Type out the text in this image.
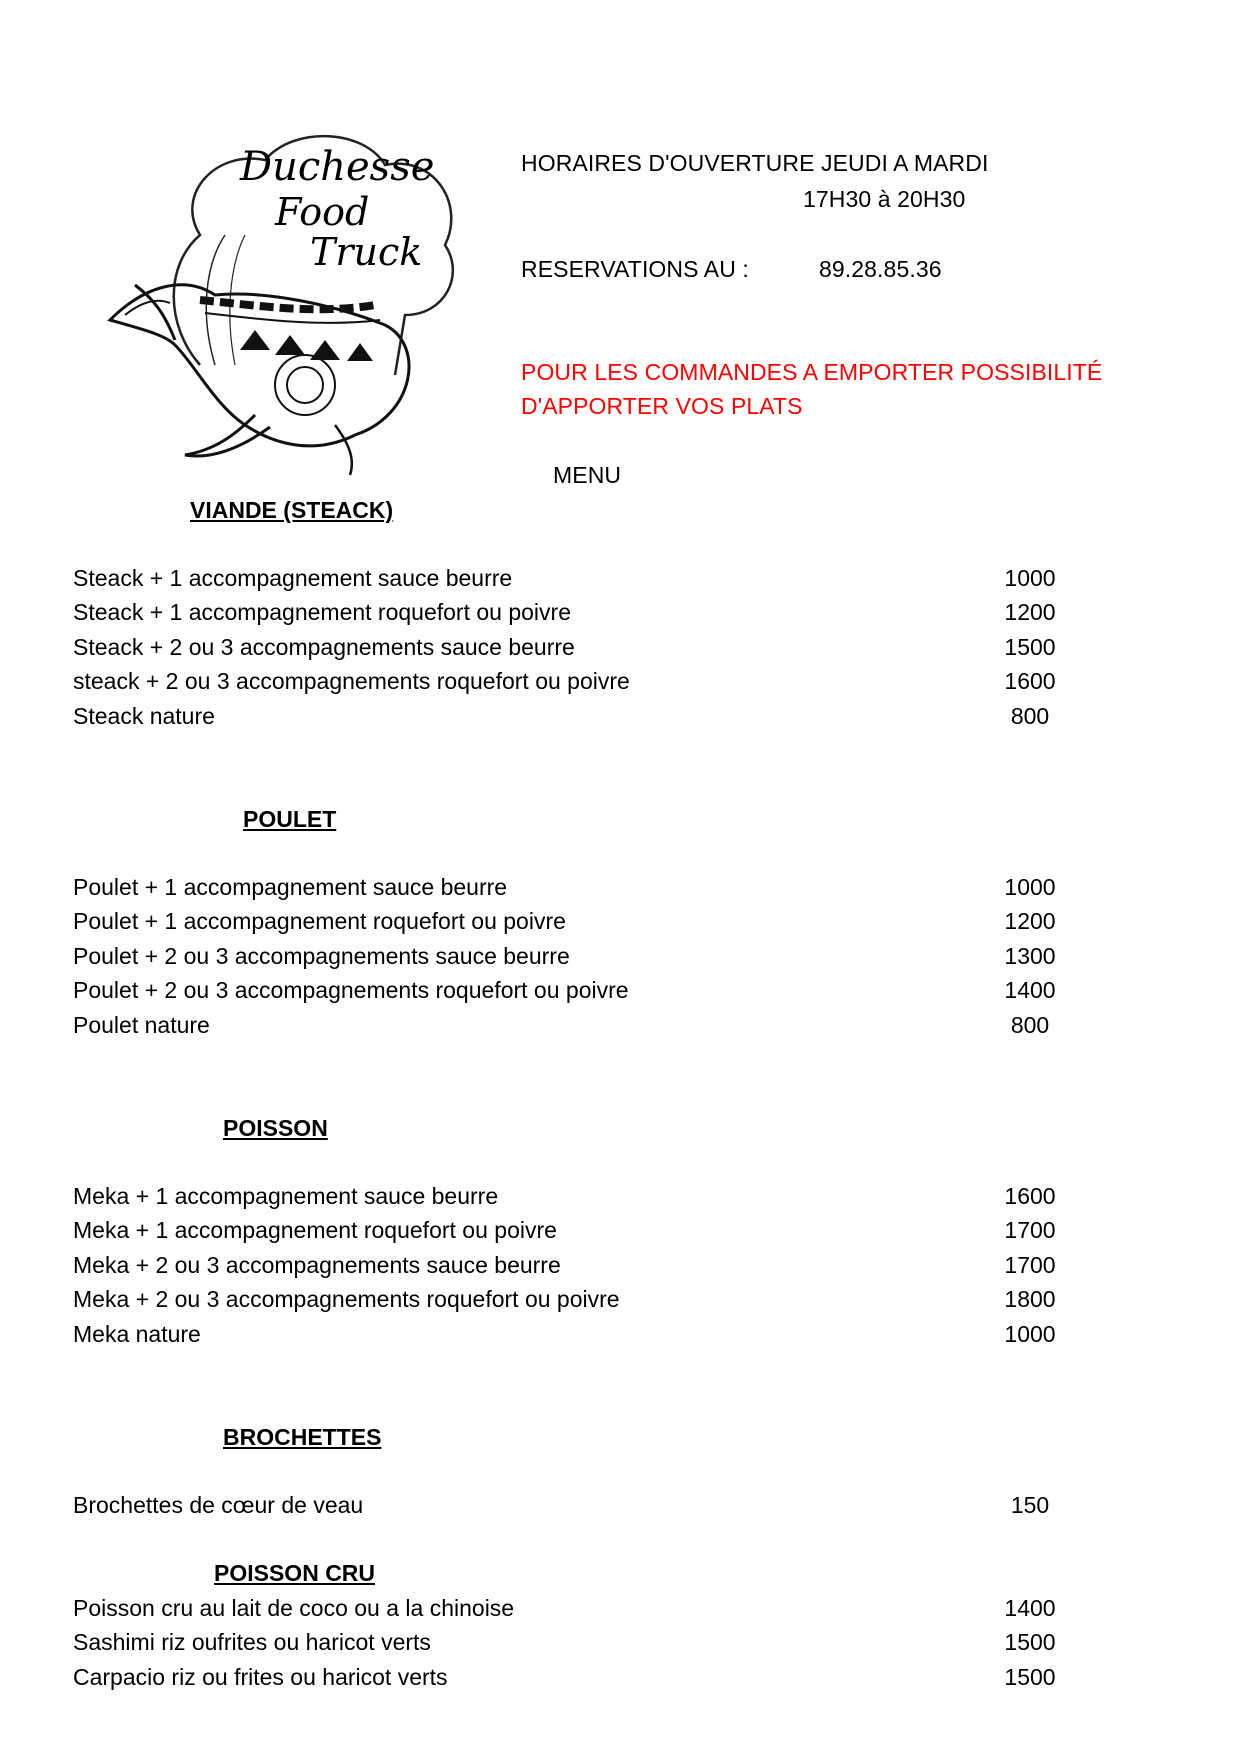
Duchesse
Food
Truck
HORAIRES D'OUVERTURE JEUDI A MARDI
17H30 à 20H30
RESERVATIONS AU :	89.28.85.36
POUR LES COMMANDES A EMPORTER POSSIBILITÉ
D'APPORTER VOS PLATS
MENU
VIANDE (STEACK)
Steack + 1 accompagnement sauce beurre	1000
Steack + 1 accompagnement roquefort ou poivre	1200
Steack + 2 ou 3 accompagnements sauce beurre	1500
steack + 2 ou 3 accompagnements roquefort ou poivre	1600
Steack nature	800
POULET
Poulet + 1 accompagnement sauce beurre	1000
Poulet + 1 accompagnement roquefort ou poivre	1200
Poulet + 2 ou 3 accompagnements sauce beurre	1300
Poulet + 2 ou 3 accompagnements roquefort ou poivre	1400
Poulet nature	800
POISSON
Meka + 1 accompagnement sauce beurre	1600
Meka + 1 accompagnement roquefort ou poivre	1700
Meka + 2 ou 3 accompagnements sauce beurre	1700
Meka + 2 ou 3 accompagnements roquefort ou poivre	1800
Meka nature	1000
BROCHETTES
Brochettes de cœur de veau	150
POISSON CRU
Poisson cru au lait de coco ou a la chinoise	1400
Sashimi riz oufrites ou haricot verts	1500
Carpacio riz ou frites ou haricot verts	1500
